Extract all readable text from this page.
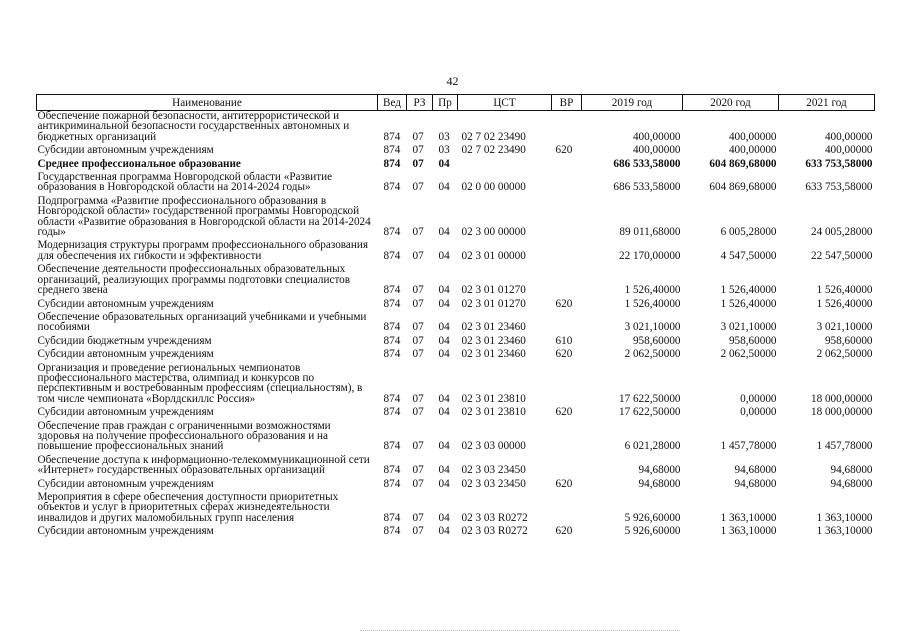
42
Наименование	Вед	РЗ	Пр	ЦСТ	ВР	2019 год	2020 год	2021 год
Обеспечение пожарной безопасности, антитеррористической и антикриминальной безопасности государственных автономных и бюджетных организаций	874	07	03	02 7 02 23490		400,00000	400,00000	400,00000
Субсидии автономным учреждениям	874	07	03	02 7 02 23490	620	400,00000	400,00000	400,00000
Среднее профессиональное образование	874	07	04			686 533,58000	604 869,68000	633 753,58000
Государственная программа Новгородской области «Развитие образования в Новгородской области на 2014-2024 годы»	874	07	04	02 0 00 00000		686 533,58000	604 869,68000	633 753,58000
Подпрограмма «Развитие профессионального образования в Новгородской области» государственной программы Новгородской области «Развитие образования в Новгородской области на 2014-2024 годы»	874	07	04	02 3 00 00000		89 011,68000	6 005,28000	24 005,28000
Модернизация структуры программ профессионального образования для обеспечения их гибкости и эффективности	874	07	04	02 3 01 00000		22 170,00000	4 547,50000	22 547,50000
Обеспечение деятельности профессиональных образовательных организаций, реализующих программы подготовки специалистов среднего звена	874	07	04	02 3 01 01270		1 526,40000	1 526,40000	1 526,40000
Субсидии автономным учреждениям	874	07	04	02 3 01 01270	620	1 526,40000	1 526,40000	1 526,40000
Обеспечение образовательных организаций учебниками и учебными пособиями	874	07	04	02 3 01 23460		3 021,10000	3 021,10000	3 021,10000
Субсидии бюджетным учреждениям	874	07	04	02 3 01 23460	610	958,60000	958,60000	958,60000
Субсидии автономным учреждениям	874	07	04	02 3 01 23460	620	2 062,50000	2 062,50000	2 062,50000
Организация и проведение региональных чемпионатов профессионального мастерства, олимпиад и конкурсов по перспективным и востребованным профессиям (специальностям), в том числе чемпионата «Ворлдскиллс Россия»	874	07	04	02 3 01 23810		17 622,50000	0,00000	18 000,00000
Субсидии автономным учреждениям	874	07	04	02 3 01 23810	620	17 622,50000	0,00000	18 000,00000
Обеспечение прав граждан с ограниченными возможностями здоровья на получение профессионального образования и на повышение профессиональных знаний	874	07	04	02 3 03 00000		6 021,28000	1 457,78000	1 457,78000
Обеспечение доступа к информационно-телекоммуникационной сети «Интернет» государственных образовательных организаций	874	07	04	02 3 03 23450		94,68000	94,68000	94,68000
Субсидии автономным учреждениям	874	07	04	02 3 03 23450	620	94,68000	94,68000	94,68000
Мероприятия в сфере обеспечения доступности приоритетных объектов и услуг в приоритетных сферах жизнедеятельности инвалидов и других маломобильных групп населения	874	07	04	02 3 03 R0272		5 926,60000	1 363,10000	1 363,10000
Субсидии автономным учреждениям	874	07	04	02 3 03 R0272	620	5 926,60000	1 363,10000	1 363,10000
